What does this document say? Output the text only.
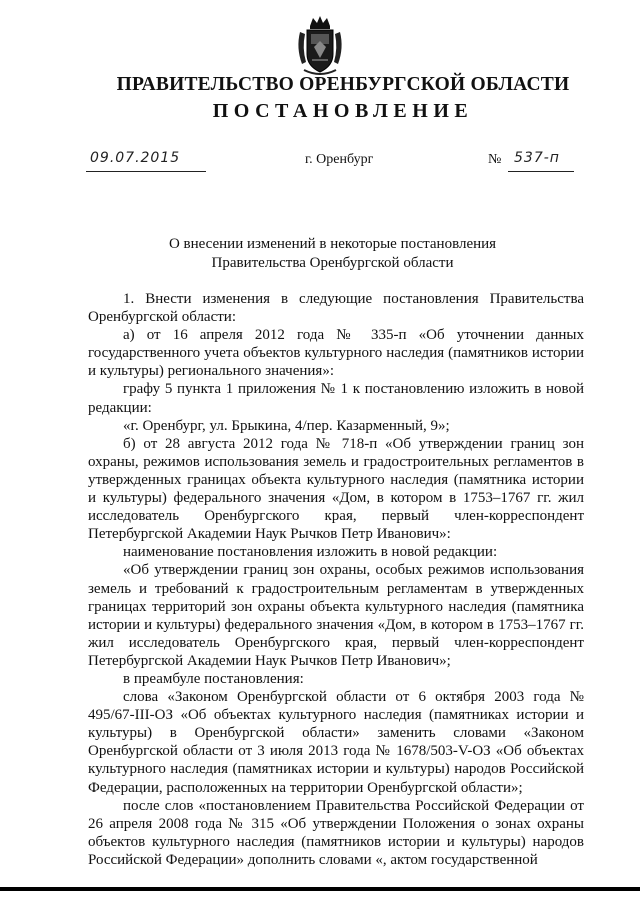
ПРАВИТЕЛЬСТВО ОРЕНБУРГСКОЙ ОБЛАСТИ
ПОСТАНОВЛЕНИЕ
09.07.2015	г. Оренбург	№ 537-п
О внесении изменений в некоторые постановления Правительства Оренбургской области

1. Внести изменения в следующие постановления Правительства Оренбургской области:

а) от 16 апреля 2012 года № 335-п «Об уточнении данных государственного учета объектов культурного наследия (памятников истории и культуры) регионального значения»:

графу 5 пункта 1 приложения № 1 к постановлению изложить в новой редакции:

«г. Оренбург, ул. Брыкина, 4/пер. Казарменный, 9»;

б) от 28 августа 2012 года № 718-п «Об утверждении границ зон охраны, режимов использования земель и градостроительных регламентов в утвержденных границах объекта культурного наследия (памятника истории и культуры) федерального значения «Дом, в котором в 1753–1767 гг. жил исследователь Оренбургского края, первый член-корреспондент Петербургской Академии Наук Рычков Петр Иванович»:

наименование постановления изложить в новой редакции:

«Об утверждении границ зон охраны, особых режимов использования земель и требований к градостроительным регламентам в утвержденных границах территорий зон охраны объекта культурного наследия (памятника истории и культуры) федерального значения «Дом, в котором в 1753–1767 гг. жил исследователь Оренбургского края, первый член-корреспондент Петербургской Академии Наук Рычков Петр Иванович»;

в преамбуле постановления:

слова «Законом Оренбургской области от 6 октября 2003 года № 495/67-III-ОЗ «Об объектах культурного наследия (памятниках истории и культуры) в Оренбургской области» заменить словами «Законом Оренбургской области от 3 июля 2013 года № 1678/503-V-ОЗ «Об объектах культурного наследия (памятниках истории и культуры) народов Российской Федерации, расположенных на территории Оренбургской области»;

после слов «постановлением Правительства Российской Федерации от 26 апреля 2008 года № 315 «Об утверждении Положения о зонах охраны объектов культурного наследия (памятников истории и культуры) народов Российской Федерации» дополнить словами «, актом государственной
